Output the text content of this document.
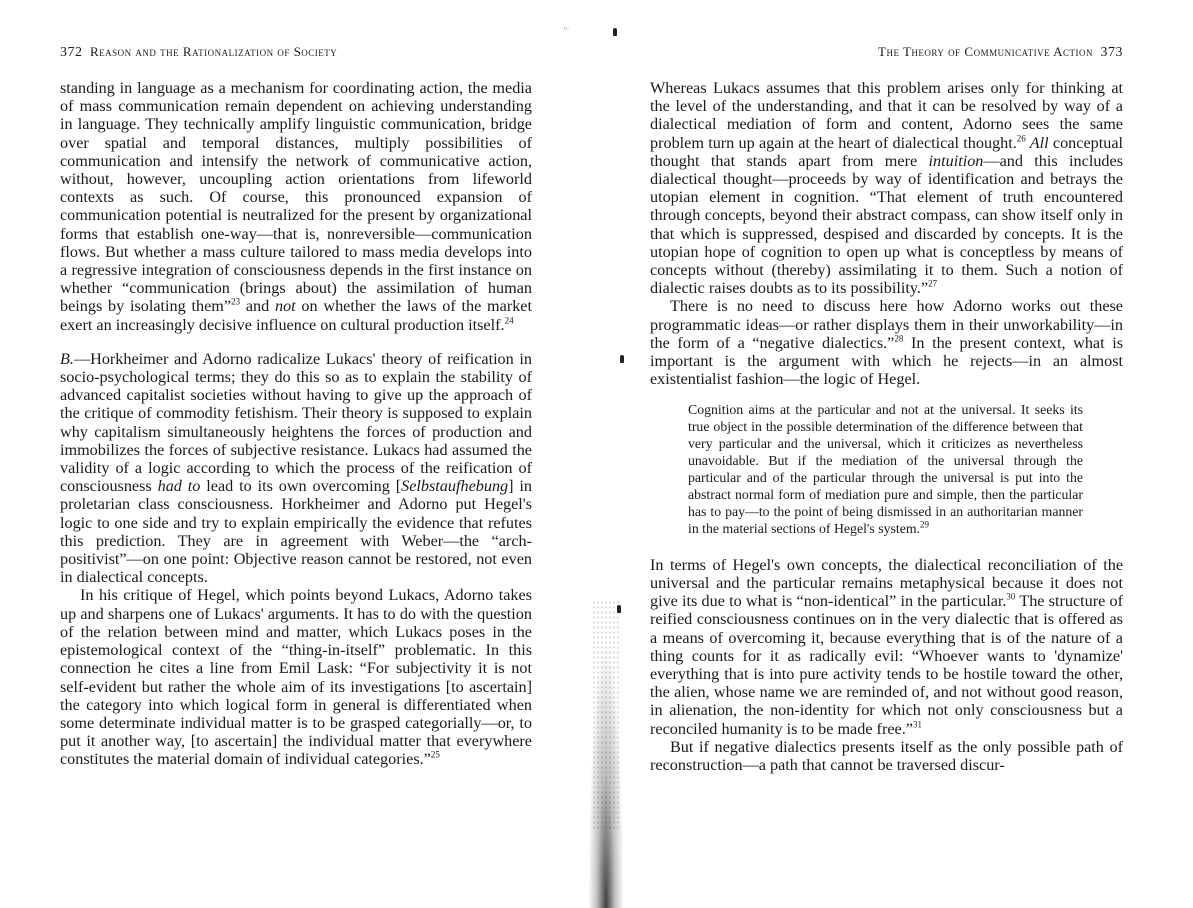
372 Reason and the Rationalization of Society

standing in language as a mechanism for coordinating action, the media of mass communication remain dependent on achieving understanding in language. They technically amplify linguistic communication, bridge over spatial and temporal distances, multiply possibilities of communication and intensify the network of communicative action, without, however, uncoupling action orientations from lifeworld contexts as such. Of course, this pronounced expansion of communication potential is neutralized for the present by organizational forms that establish one-way—that is, nonreversible—communication flows. But whether a mass culture tailored to mass media develops into a regressive integration of consciousness depends in the first instance on whether “communication (brings about) the assimilation of human beings by isolating them”$^{23}$ and not on whether the laws of the market exert an increasingly decisive influence on cultural production itself.$^{24}$

B.—Horkheimer and Adorno radicalize Lukacs' theory of reification in socio-psychological terms; they do this so as to explain the stability of advanced capitalist societies without having to give up the approach of the critique of commodity fetishism. Their theory is supposed to explain why capitalism simultaneously heightens the forces of production and immobilizes the forces of subjective resistance. Lukacs had assumed the validity of a logic according to which the process of the reification of consciousness had to lead to its own overcoming [Selbstaufhebung] in proletarian class consciousness. Horkheimer and Adorno put Hegel's logic to one side and try to explain empirically the evidence that refutes this prediction. They are in agreement with Weber—the “arch-positivist”—on one point: Objective reason cannot be restored, not even in dialectical concepts.

In his critique of Hegel, which points beyond Lukacs, Adorno takes up and sharpens one of Lukacs' arguments. It has to do with the question of the relation between mind and matter, which Lukacs poses in the epistemological context of the “thing-in-itself” problematic. In this connection he cites a line from Emil Lask: “For subjectivity it is not self-evident but rather the whole aim of its investigations [to ascertain] the category into which logical form in general is differentiated when some determinate individual matter is to be grasped categorially—or, to put it another way, [to ascertain] the individual matter that everywhere constitutes the material domain of individual categories.”$^{25}$

·ıı·
The Theory of Communicative Action 373

Whereas Lukacs assumes that this problem arises only for thinking at the level of the understanding, and that it can be resolved by way of a dialectical mediation of form and content, Adorno sees the same problem turn up again at the heart of dialectical thought.$^{26}$ All conceptual thought that stands apart from mere intuition—and this includes dialectical thought—proceeds by way of identification and betrays the utopian element in cognition. “That element of truth encountered through concepts, beyond their abstract compass, can show itself only in that which is suppressed, despised and discarded by concepts. It is the utopian hope of cognition to open up what is conceptless by means of concepts without (thereby) assimilating it to them. Such a notion of dialectic raises doubts as to its possibility.”$^{27}$

There is no need to discuss here how Adorno works out these programmatic ideas—or rather displays them in their unworkability—in the form of a “negative dialectics.”$^{28}$ In the present context, what is important is the argument with which he rejects—in an almost existentialist fashion—the logic of Hegel.

Cognition aims at the particular and not at the universal. It seeks its true object in the possible determination of the difference between that very particular and the universal, which it criticizes as nevertheless unavoidable. But if the mediation of the universal through the particular and of the particular through the universal is put into the abstract normal form of mediation pure and simple, then the particular has to pay—to the point of being dismissed in an authoritarian manner in the material sections of Hegel's system.$^{29}$

In terms of Hegel's own concepts, the dialectical reconciliation of the universal and the particular remains metaphysical because it does not give its due to what is “non-identical” in the particular.$^{30}$ The structure of reified consciousness continues on in the very dialectic that is offered as a means of overcoming it, because everything that is of the nature of a thing counts for it as radically evil: “Whoever wants to 'dynamize' everything that is into pure activity tends to be hostile toward the other, the alien, whose name we are reminded of, and not without good reason, in alienation, the non-identity for which not only consciousness but a reconciled humanity is to be made free.”$^{31}$

But if negative dialectics presents itself as the only possible path of reconstruction—a path that cannot be traversed discur-
